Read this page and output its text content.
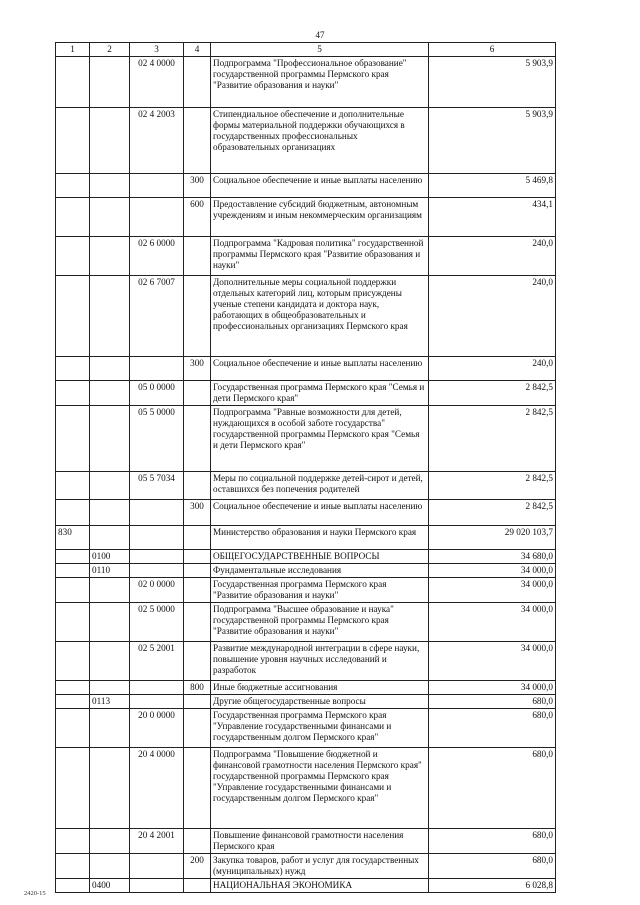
47
1	2	3	4	5	6
		02 4 0000		Подпрограмма "Профессиональное образование" государственной программы Пермского края "Развитие образования и науки"	5 903,9
		02 4 2003		Стипендиальное обеспечение и дополнительные формы материальной поддержки обучающихся в государственных профессиональных образовательных организациях	5 903,9
			300	Социальное обеспечение и иные выплаты населению	5 469,8
			600	Предоставление субсидий бюджетным, автономным учреждениям и иным некоммерческим организациям	434,1
		02 6 0000		Подпрограмма "Кадровая политика" государственной программы Пермского края "Развитие образования и науки"	240,0
		02 6 7007		Дополнительные меры социальной поддержки отдельных категорий лиц, которым присуждены ученые степени кандидата и доктора наук, работающих в общеобразовательных и профессиональных организациях Пермского края	240,0
			300	Социальное обеспечение и иные выплаты населению	240,0
		05 0 0000		Государственная программа Пермского края "Семья и дети Пермского края"	2 842,5
		05 5 0000		Подпрограмма "Равные возможности для детей, нуждающихся в особой заботе государства" государственной программы Пермского края "Семья и дети Пермского края"	2 842,5
		05 5 7034		Меры по социальной поддержке детей-сирот и детей, оставшихся без попечения родителей	2 842,5
			300	Социальное обеспечение и иные выплаты населению	2 842,5
830				Министерство образования и науки Пермского края	29 020 103,7
	0100			ОБЩЕГОСУДАРСТВЕННЫЕ ВОПРОСЫ	34 680,0
	0110			Фундаментальные исследования	34 000,0
		02 0 0000		Государственная программа Пермского края "Развитие образования и науки"	34 000,0
		02 5 0000		Подпрограмма "Высшее образование и наука" государственной программы Пермского края "Развитие образования и науки"	34 000,0
		02 5 2001		Развитие международной интеграции в сфере науки, повышение уровня научных исследований и разработок	34 000,0
			800	Иные бюджетные ассигнования	34 000,0
	0113			Другие общегосударственные вопросы	680,0
		20 0 0000		Государственная программа Пермского края "Управление государственными финансами и государственным долгом Пермского края"	680,0
		20 4 0000		Подпрограмма "Повышение бюджетной и финансовой грамотности населения Пермского края" государственной программы Пермского края "Управление государственными финансами и государственным долгом Пермского края"	680,0
		20 4 2001		Повышение финансовой грамотности населения Пермского края	680,0
			200	Закупка товаров, работ и услуг для государственных (муниципальных) нужд	680,0
	0400			НАЦИОНАЛЬНАЯ ЭКОНОМИКА	6 028,8
2420-15
